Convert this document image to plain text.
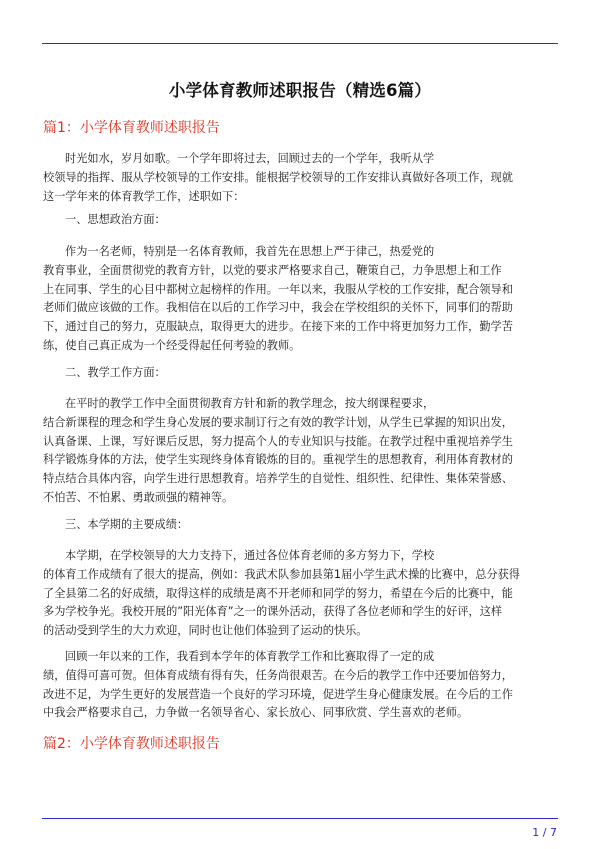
小学体育教师述职报告（精选6篇）
篇1：小学体育教师述职报告
时光如水，岁月如歌。一个学年即将过去，回顾过去的一个学年，我听从学
校领导的指挥、服从学校领导的工作安排。能根据学校领导的工作安排认真做好各项工作，现就
这一学年来的体育教学工作，述职如下：
一、思想政治方面：
作为一名老师，特别是一名体育教师，我首先在思想上严于律己，热爱党的
教育事业，全面贯彻党的教育方针，以党的要求严格要求自己，鞭策自己，力争思想上和工作
上在同事、学生的心目中都树立起榜样的作用。一年以来，我服从学校的工作安排，配合领导和
老师们做应该做的工作。我相信在以后的工作学习中，我会在学校组织的关怀下，同事们的帮助
下，通过自己的努力，克服缺点，取得更大的进步。在接下来的工作中将更加努力工作，勤学苦
练，使自己真正成为一个经受得起任何考验的教师。
二、教学工作方面：
在平时的教学工作中全面贯彻教育方针和新的教学理念，按大纲课程要求，
结合新课程的理念和学生身心发展的要求制订行之有效的教学计划，从学生已掌握的知识出发，
认真备课、上课，写好课后反思，努力提高个人的专业知识与技能。在教学过程中重视培养学生
科学锻炼身体的方法，使学生实现终身体育锻炼的目的。重视学生的思想教育，利用体育教材的
特点结合具体内容，向学生进行思想教育。培养学生的自觉性、组织性、纪律性、集体荣誉感、
不怕苦、不怕累、勇敢顽强的精神等。
三、本学期的主要成绩：
本学期，在学校领导的大力支持下，通过各位体育老师的多方努力下，学校
的体育工作成绩有了很大的提高，例如：我武术队参加县第1届小学生武术操的比赛中，总分获得
了全县第二名的好成绩，取得这样的成绩是离不开老师和同学的努力，希望在今后的比赛中，能
多为学校争光。我校开展的”阳光体育”之一的课外活动，获得了各位老师和学生的好评，这样
的活动受到学生的大力欢迎，同时也让他们体验到了运动的快乐。
回顾一年以来的工作，我看到本学年的体育教学工作和比赛取得了一定的成
绩，值得可喜可贺。但体育成绩有得有失，任务尚很艰苦。在今后的教学工作中还要加倍努力，
改进不足，为学生更好的发展营造一个良好的学习环境，促进学生身心健康发展。在今后的工作
中我会严格要求自己，力争做一名领导省心、家长放心、同事欣赏、学生喜欢的老师。
篇2：小学体育教师述职报告
1 / 7
